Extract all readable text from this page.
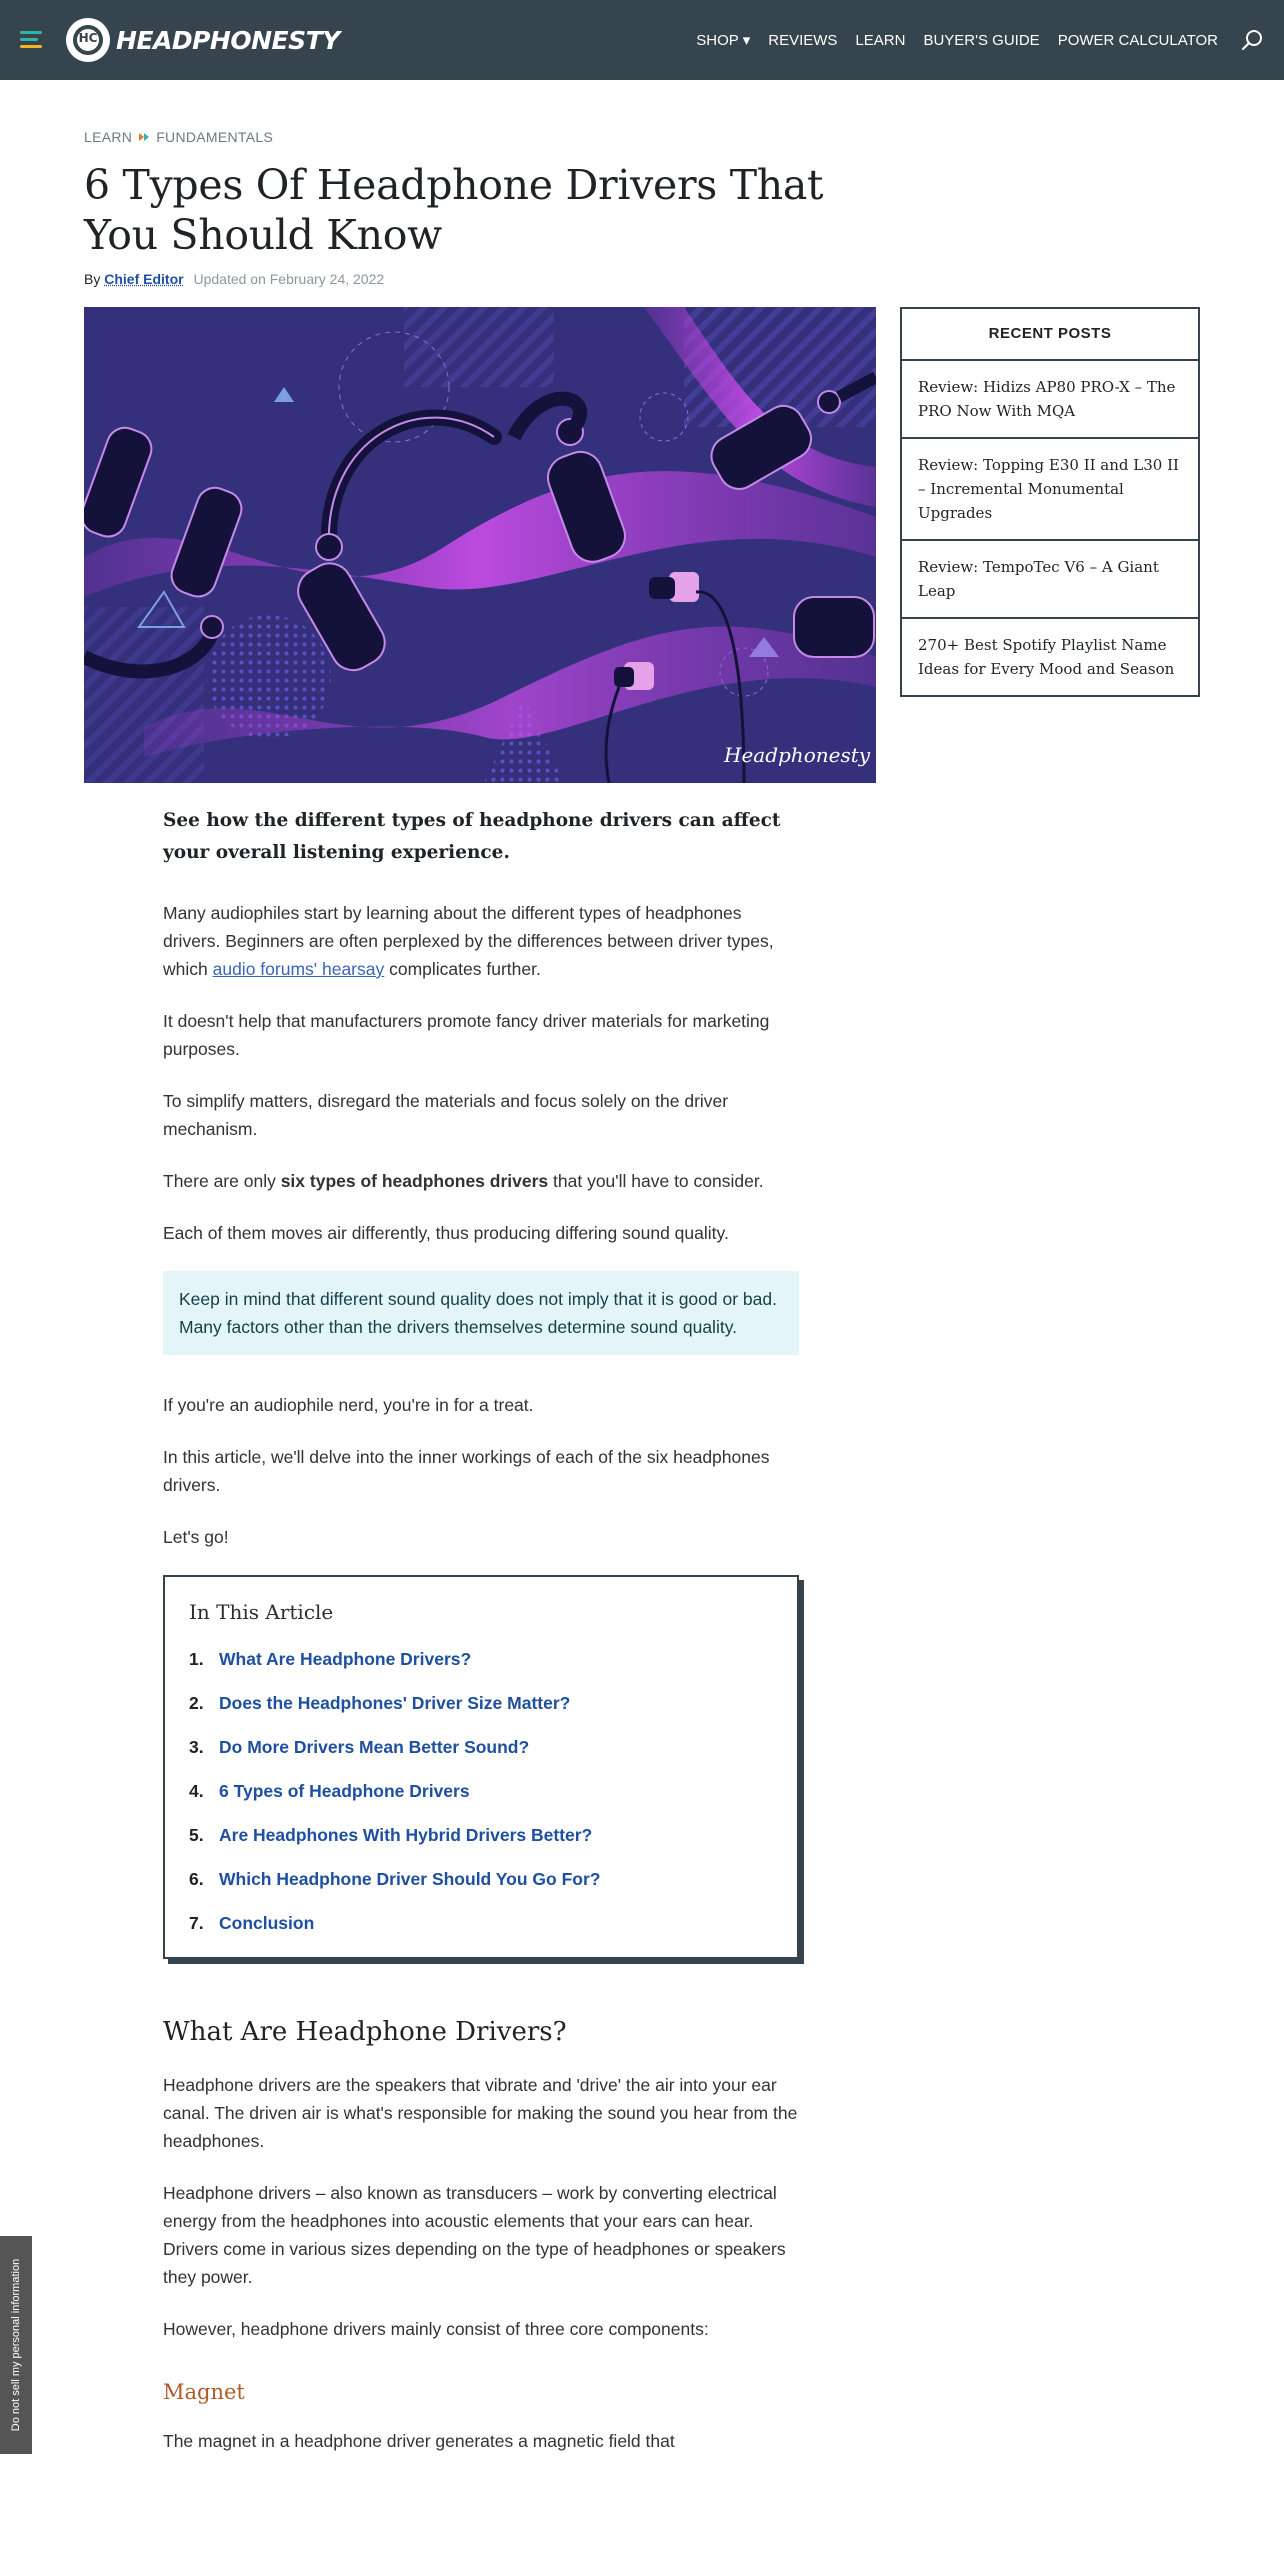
HC HEADPHONESTY	SHOP ▾ REVIEWS LEARN BUYER'S GUIDE POWER CALCULATOR
LEARN FUNDAMENTALS
6 Types Of Headphone Drivers That You Should Know
By Chief Editor Updated on February 24, 2022
Headphonesty
RECENT POSTS
Review: Hidizs AP80 PRO-X – The PRO Now With MQA
Review: Topping E30 II and L30 II – Incremental Monumental Upgrades
Review: TempoTec V6 – A Giant Leap
270+ Best Spotify Playlist Name Ideas for Every Mood and Season

See how the different types of headphone drivers can affect your overall listening experience.

Many audiophiles start by learning about the different types of headphones drivers. Beginners are often perplexed by the differences between driver types, which audio forums' hearsay complicates further.

It doesn't help that manufacturers promote fancy driver materials for marketing purposes.

To simplify matters, disregard the materials and focus solely on the driver mechanism.

There are only six types of headphones drivers that you'll have to consider.

Each of them moves air differently, thus producing differing sound quality.

Keep in mind that different sound quality does not imply that it is good or bad. Many factors other than the drivers themselves determine sound quality.

If you're an audiophile nerd, you're in for a treat.

In this article, we'll delve into the inner workings of each of the six headphones drivers.

Let's go!

In This Article
1. What Are Headphone Drivers?
2. Does the Headphones' Driver Size Matter?
3. Do More Drivers Mean Better Sound?
4. 6 Types of Headphone Drivers
5. Are Headphones With Hybrid Drivers Better?
6. Which Headphone Driver Should You Go For?
7. Conclusion
What Are Headphone Drivers?

Headphone drivers are the speakers that vibrate and 'drive' the air into your ear canal. The driven air is what's responsible for making the sound you hear from the headphones.

Headphone drivers – also known as transducers – work by converting electrical energy from the headphones into acoustic elements that your ears can hear. Drivers come in various sizes depending on the type of headphones or speakers they power.

However, headphone drivers mainly consist of three core components:

Magnet

The magnet in a headphone driver generates a magnetic field that

Do not sell my personal information
